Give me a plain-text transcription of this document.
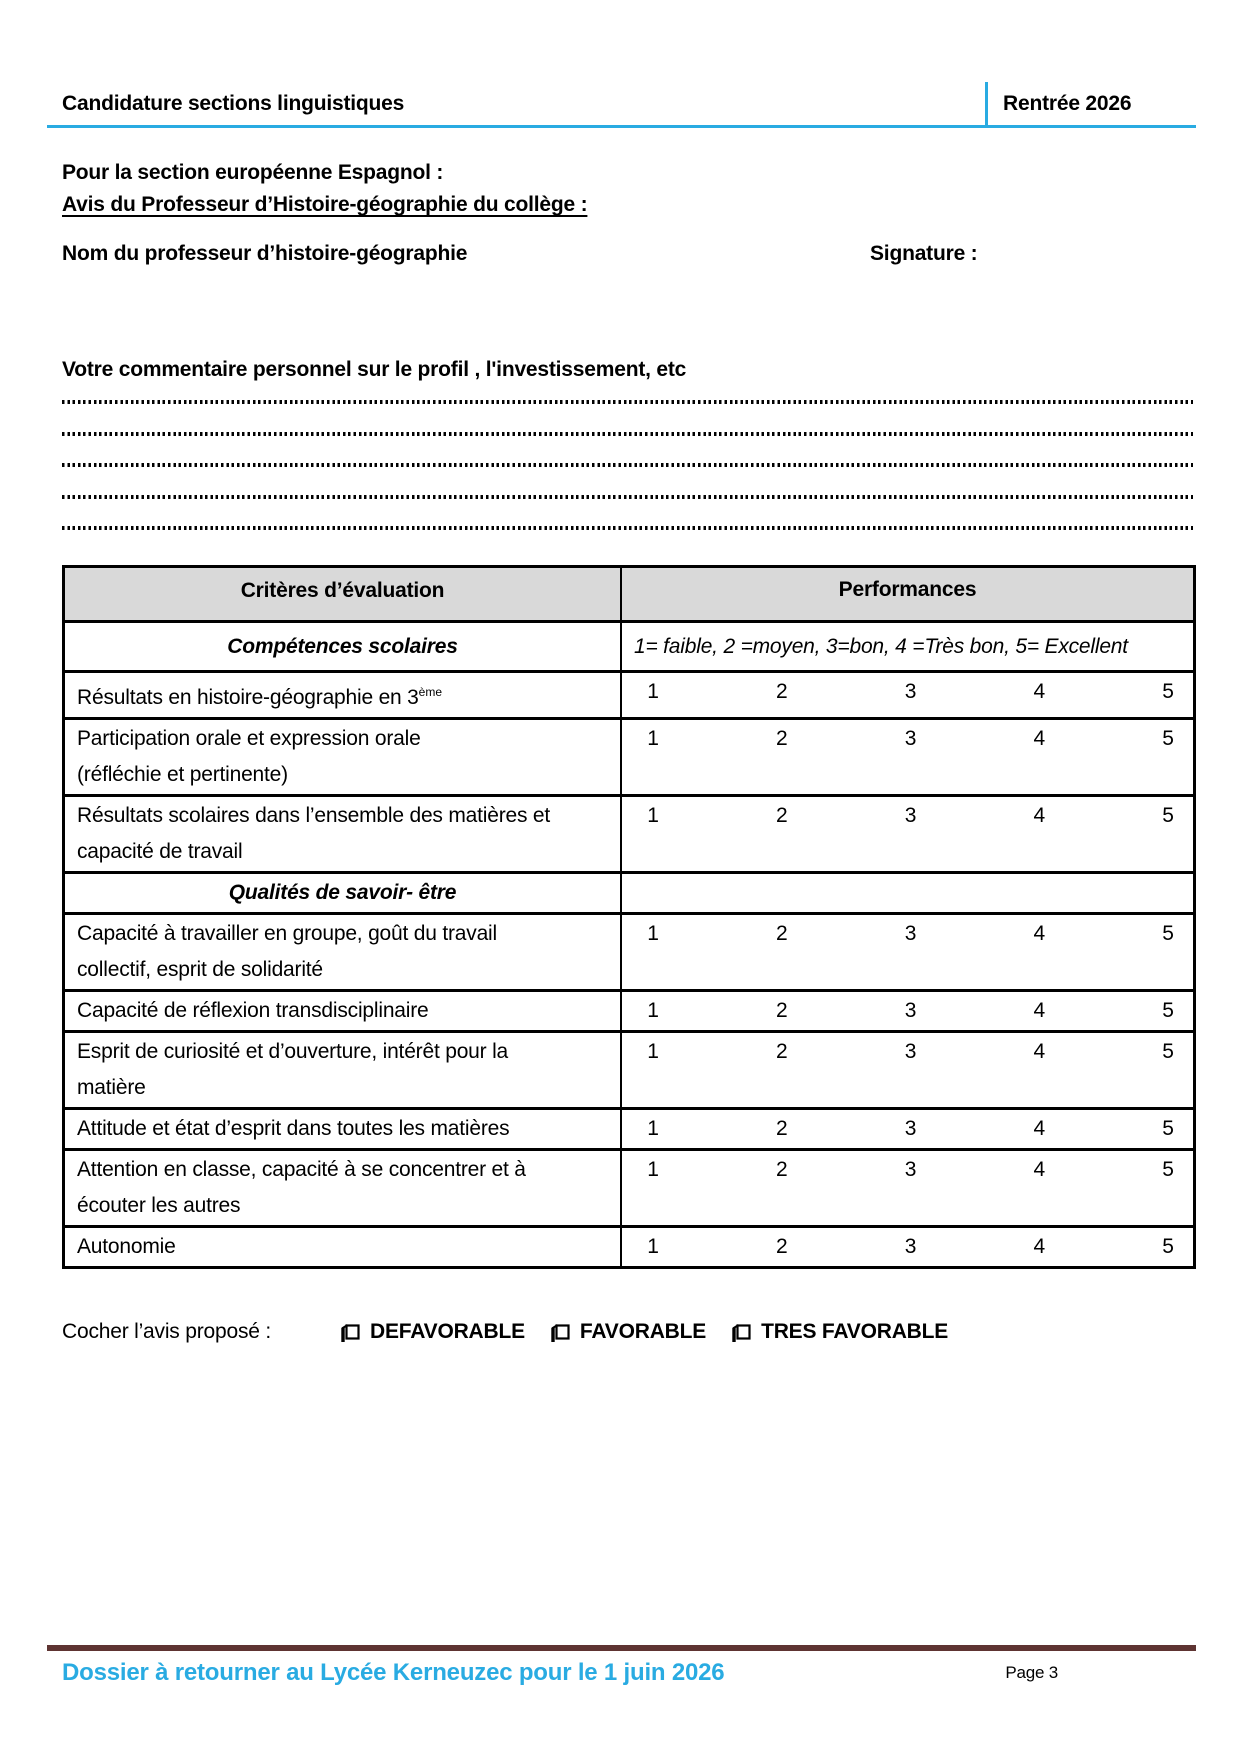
Candidature sections linguistiques	Rentrée 2026
Pour la section européenne Espagnol :
Avis du Professeur d’Histoire-géographie du collège :
Nom du professeur d’histoire-géographie	Signature :
Votre commentaire personnel sur le profil , l'investissement, etc
Critères d’évaluation	Performances
Compétences scolaires	1= faible, 2 =moyen, 3=bon, 4 =Très bon, 5= Excellent
Résultats en histoire-géographie en 3ème	1	2	3	4	5
Participation orale et expression orale
(réfléchie et pertinente)
1	2	3	4	5
Résultats scolaires dans l’ensemble des matières et
capacité de travail
1	2	3	4	5
Qualités de savoir- être
Capacité à travailler en groupe, goût du travail
collectif, esprit de solidarité
1	2	3	4	5
Capacité de réflexion transdisciplinaire	1	2	3	4	5
Esprit de curiosité et d’ouverture, intérêt pour la
matière
1	2	3	4	5
Attitude et état d’esprit dans toutes les matières	1	2	3	4	5
Attention en classe, capacité à se concentrer et à
écouter les autres
1	2	3	4	5
Autonomie	1	2	3	4	5
Cocher l’avis proposé :	DEFAVORABLE	FAVORABLE	TRES FAVORABLE
Dossier à retourner au Lycée Kerneuzec pour le 1 juin 2026	Page 3
